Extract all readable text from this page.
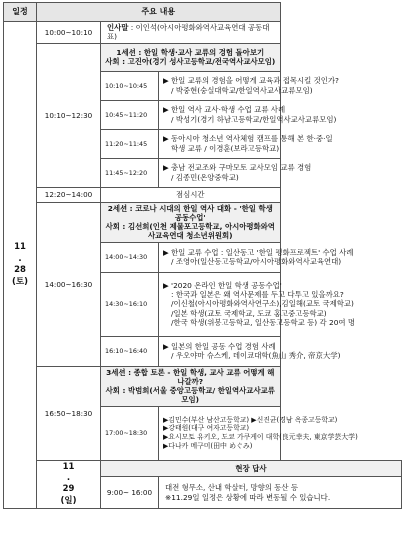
일정	주요 내용		

11
.
28
(토)	10:00~10:10	인사말 : 이인석(아시아평화와역사교육연대 공동대표)	
	10:10~12:30	1세션 : 한일 학생·교사 교류의 경험 돌아보기
사회 : 고진아(경기 성사고등학교/전국역사교사모임)	

		10:10~10:45	▶ 한일 교류의 경험을 어떻게 교육과 접목시킬 것인가?
/ 박중현(숭실대학교/한일역사교사교류모임)

		10:45~11:20	▶ 한일 역사 교사·학생 수업 교류 사례
/ 박성기(경기 하남고등학교/한일역사교사교류모임)

		11:20~11:45	▶ 동아시아 청소년 역사체험 캠프를 통해 본 한·중·일
학생 교류 / 이경훈(보라고등학교)

		11:45~12:20	▶ 충남 전교조와 구마모토 교사모임 교류 경험
/ 김종민(온양중학교)

	12:20~14:00	점심시간	
	14:00~16:30	2세션 : 코로나 시대의 한일 역사 대화 - '한일 학생 공동수업'
사회 : 김선희(인천 제물포고등학교, 아시아평화와역사교육연대 청소년위원회)	

		14:00~14:30	▶ 한일 교류 수업 : 일산동고 '한일 평화프로젝트' 수업 사례
/ 조영아(일산동고등학교/아시아평화와역사교육연대)

		14:30~16:10	▶ '2020 온라인 한일 학생 공동수업'
: 한국과 일본은 왜 역사문제를 두고 다투고 있을까요?
/이신철(아시아평화와역사연구소),김일해(교토 국제학교)
/일본 학생(교토 국제학교, 도쿄 홍고중고등학교)
/한국 학생(위봉고등학교, 일산동고등학교 등) 각 20여 명

		16:10~16:40	▶ 일본의 한일 공동 수업 경험 사례
/ 우오야마 슈스케, 데이쿄대학(魚山 秀介, 帝京大学)

	16:50~18:30	3세션 : 종합 토론 - 한일 학생, 교사 교류 어떻게 해 나갈까?
사회 : 박범희(서울 중앙고등학교/ 한일역사교사교류모임)	

		17:00~18:30	▶김민수(부산 남산고등학교) ▶신진균(경남 옥종고등학교)
▶강태원(대구 여자고등학교)
▶요시모토 유키오, 도쿄 가쿠게이 대학(良元幸夫, 東京学芸大学)
▶다나카 메구미(田中 めぐみ)

	11
.
29
(일)	현장 답사	
		9:00~ 16:00	대전 형무소, 산내 학살터, 망향의 동산 등
※11.29일 일정은 상황에 따라 변동될 수 있습니다.
